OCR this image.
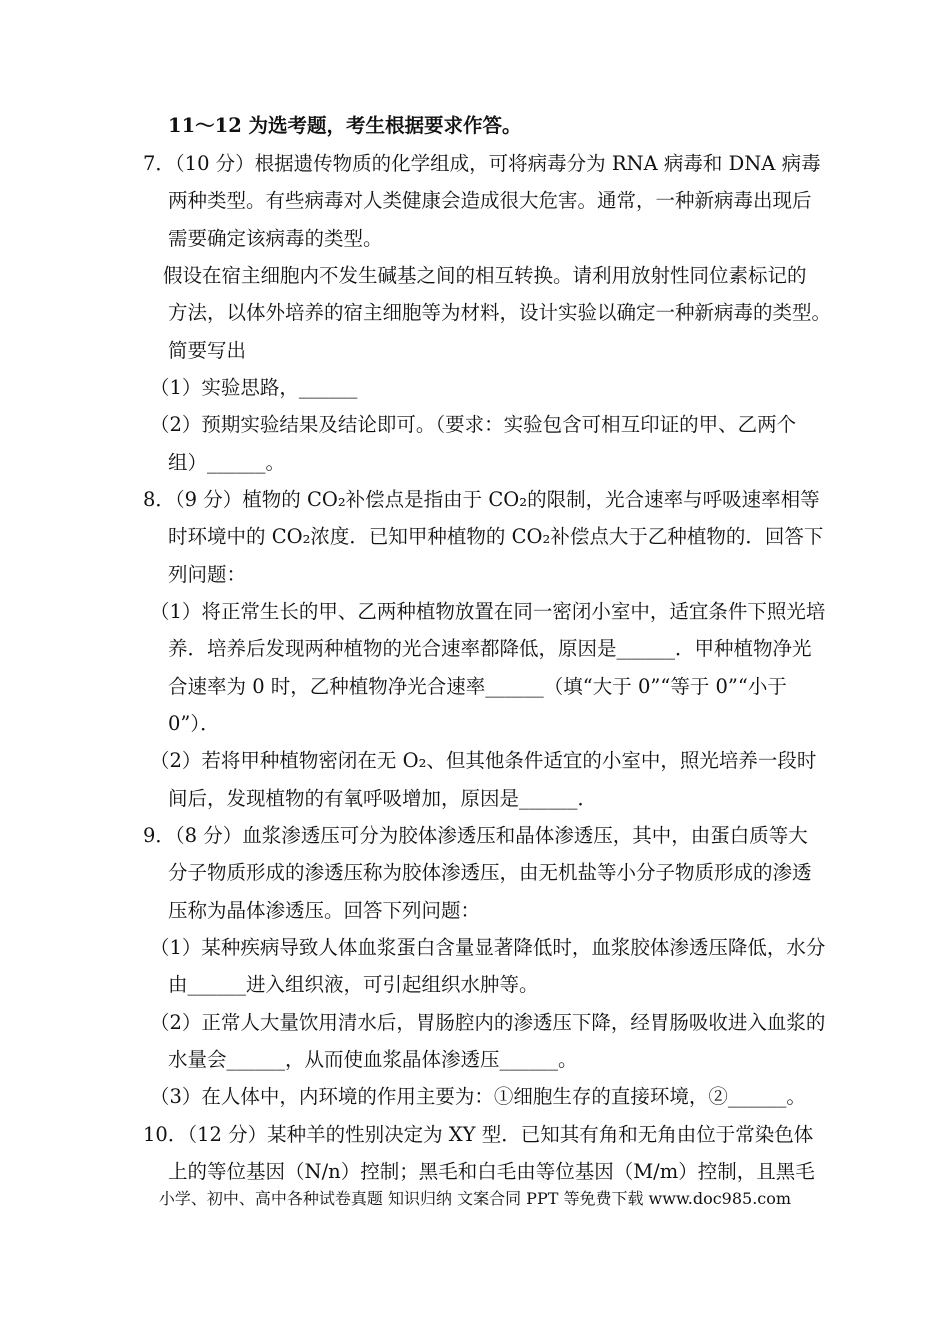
11～12 为选考题，考生根据要求作答。
7．（10 分）根据遗传物质的化学组成，可将病毒分为 RNA 病毒和 DNA 病毒
两种类型。有些病毒对人类健康会造成很大危害。通常，一种新病毒出现后
需要确定该病毒的类型。
假设在宿主细胞内不发生碱基之间的相互转换。请利用放射性同位素标记的
方法，以体外培养的宿主细胞等为材料，设计实验以确定一种新病毒的类型。
简要写出
（1）实验思路，______
（2）预期实验结果及结论即可。（要求：实验包含可相互印证的甲、乙两个
组）______。
8．（9 分）植物的 CO₂补偿点是指由于 CO₂的限制，光合速率与呼吸速率相等
时环境中的 CO₂浓度．已知甲种植物的 CO₂补偿点大于乙种植物的．回答下
列问题：
（1）将正常生长的甲、乙两种植物放置在同一密闭小室中，适宜条件下照光培
养．培养后发现两种植物的光合速率都降低，原因是______．甲种植物净光
合速率为 0 时，乙种植物净光合速率______（填“大于 0”“等于 0”“小于
0”）．
（2）若将甲种植物密闭在无 O₂、但其他条件适宜的小室中，照光培养一段时
间后，发现植物的有氧呼吸增加，原因是______．
9．（8 分）血浆渗透压可分为胶体渗透压和晶体渗透压，其中，由蛋白质等大
分子物质形成的渗透压称为胶体渗透压，由无机盐等小分子物质形成的渗透
压称为晶体渗透压。回答下列问题：
（1）某种疾病导致人体血浆蛋白含量显著降低时，血浆胶体渗透压降低，水分
由______进入组织液，可引起组织水肿等。
（2）正常人大量饮用清水后，胃肠腔内的渗透压下降，经胃肠吸收进入血浆的
水量会______，从而使血浆晶体渗透压______。
（3）在人体中，内环境的作用主要为：①细胞生存的直接环境，②______。
10．（12 分）某种羊的性别决定为 XY 型．已知其有角和无角由位于常染色体
上的等位基因（N/n）控制；黑毛和白毛由等位基因（M/m）控制，且黑毛
小学、初中、高中各种试卷真题 知识归纳 文案合同 PPT 等免费下载 www.doc985.com
